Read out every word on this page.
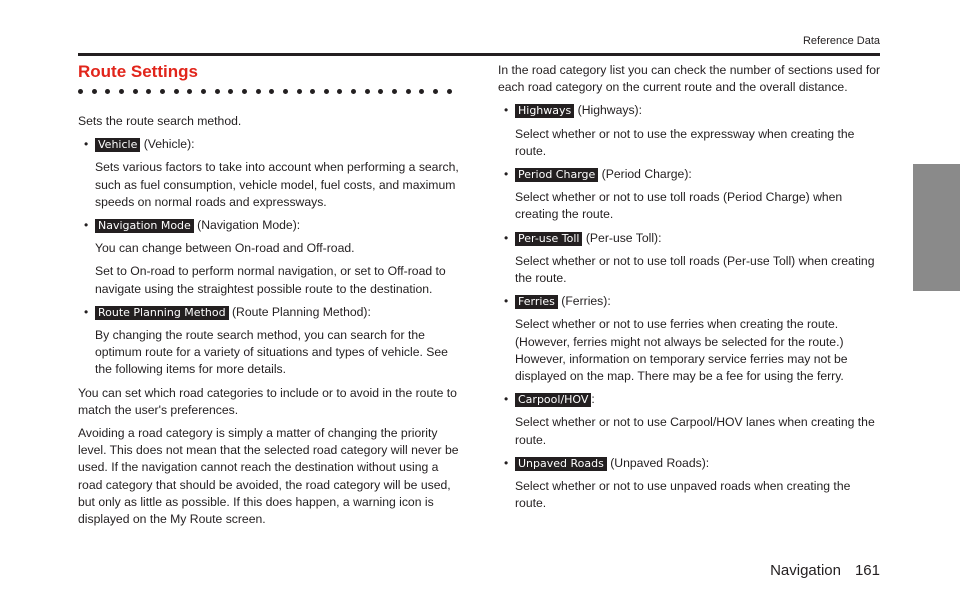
Reference Data
Route Settings

Sets the route search method.

• Vehicle (Vehicle):

Sets various factors to take into account when performing a search, such as fuel consumption, vehicle model, fuel costs, and maximum speeds on normal roads and expressways.

• Navigation Mode (Navigation Mode):

You can change between On-road and Off-road.

Set to On-road to perform normal navigation, or set to Off-road to navigate using the straightest possible route to the destination.

• Route Planning Method (Route Planning Method):

By changing the route search method, you can search for the optimum route for a variety of situations and types of vehicle. See the following items for more details.

You can set which road categories to include or to avoid in the route to match the user's preferences.

Avoiding a road category is simply a matter of changing the priority level. This does not mean that the selected road category will never be used. If the navigation cannot reach the destination without using a road category that should be avoided, the road category will be used, but only as little as possible. If this does happen, a warning icon is displayed on the My Route screen.

In the road category list you can check the number of sections used for each road category on the current route and the overall distance.

• Highways (Highways):

Select whether or not to use the expressway when creating the route.

• Period Charge (Period Charge):

Select whether or not to use toll roads (Period Charge) when creating the route.

• Per-use Toll (Per-use Toll):

Select whether or not to use toll roads (Per-use Toll) when creating the route.

• Ferries (Ferries):

Select whether or not to use ferries when creating the route. (However, ferries might not always be selected for the route.) However, information on temporary service ferries may not be displayed on the map. There may be a fee for using the ferry.

• Carpool/HOV :

Select whether or not to use Carpool/HOV lanes when creating the route.

• Unpaved Roads (Unpaved Roads):

Select whether or not to use unpaved roads when creating the route.

Navigation 161
